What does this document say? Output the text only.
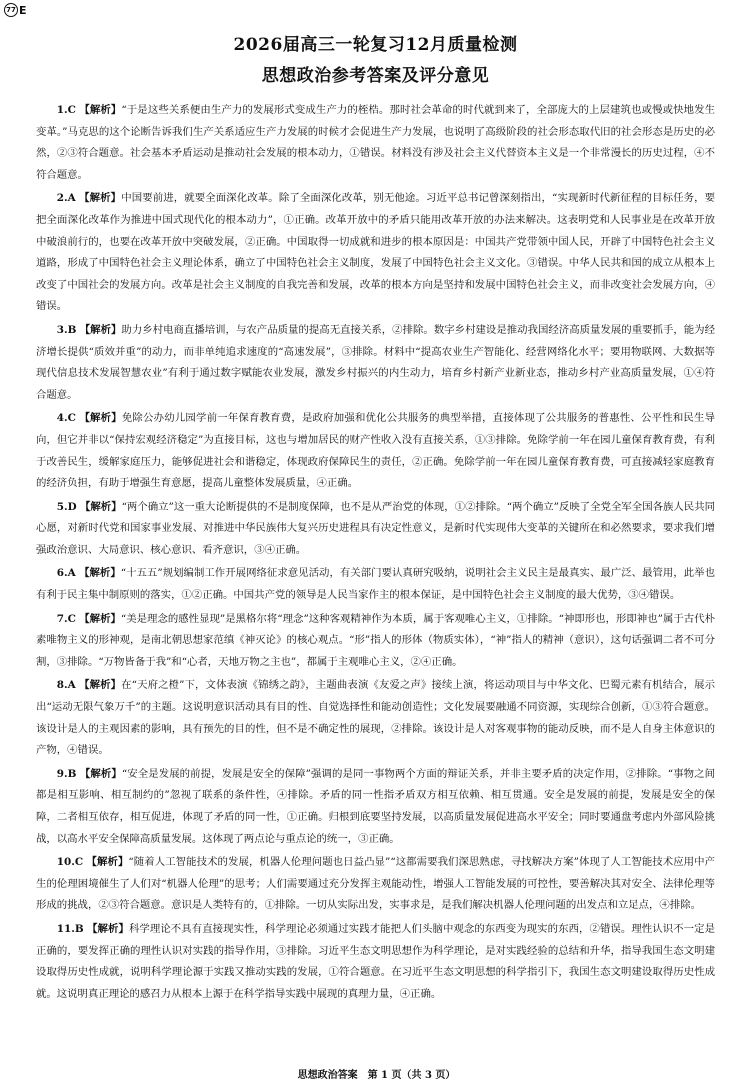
77 E
2026届高三一轮复习12月质量检测
思想政治参考答案及评分意见

1.C 【解析】“于是这些关系便由生产力的发展形式变成生产力的桎梏。那时社会革命的时代就到来了，全部庞大的上层建筑也或慢或快地发生变革。”马克思的这个论断告诉我们生产关系适应生产力发展的时候才会促进生产力发展，也说明了高级阶段的社会形态取代旧的社会形态是历史的必然，②③符合题意。社会基本矛盾运动是推动社会发展的根本动力，①错误。材料没有涉及社会主义代替资本主义是一个非常漫长的历史过程，④不符合题意。

2.A 【解析】中国要前进，就要全面深化改革。除了全面深化改革，别无他途。习近平总书记曾深刻指出，“实现新时代新征程的目标任务，要把全面深化改革作为推进中国式现代化的根本动力”，①正确。改革开放中的矛盾只能用改革开放的办法来解决。这表明党和人民事业是在改革开放中破浪前行的，也要在改革开放中突破发展，②正确。中国取得一切成就和进步的根本原因是：中国共产党带领中国人民，开辟了中国特色社会主义道路，形成了中国特色社会主义理论体系，确立了中国特色社会主义制度，发展了中国特色社会主义文化。③错误。中华人民共和国的成立从根本上改变了中国社会的发展方向。改革是社会主义制度的自我完善和发展，改革的根本方向是坚持和发展中国特色社会主义，而非改变社会发展方向，④错误。

3.B 【解析】助力乡村电商直播培训，与农产品质量的提高无直接关系，②排除。数字乡村建设是推动我国经济高质量发展的重要抓手，能为经济增长提供“质效并重”的动力，而非单纯追求速度的“高速发展”，③排除。材料中“提高农业生产智能化、经营网络化水平；要用物联网、大数据等现代信息技术发展智慧农业”有利于通过数字赋能农业发展，激发乡村振兴的内生动力，培育乡村新产业新业态，推动乡村产业高质量发展，①④符合题意。

4.C 【解析】免除公办幼儿园学前一年保育教育费，是政府加强和优化公共服务的典型举措，直接体现了公共服务的普惠性、公平性和民生导向，但它并非以“保持宏观经济稳定”为直接目标，这也与增加居民的财产性收入没有直接关系，①③排除。免除学前一年在园儿童保育教育费，有利于改善民生，缓解家庭压力，能够促进社会和谐稳定，体现政府保障民生的责任，②正确。免除学前一年在园儿童保育教育费，可直接减轻家庭教育的经济负担，有助于增强生育意愿，提高儿童整体发展质量，④正确。

5.D 【解析】“两个确立”这一重大论断提供的不是制度保障，也不是从严治党的体现，①②排除。“两个确立”反映了全党全军全国各族人民共同心愿，对新时代党和国家事业发展、对推进中华民族伟大复兴历史进程具有决定性意义，是新时代实现伟大变革的关键所在和必然要求，要求我们增强政治意识、大局意识、核心意识、看齐意识，③④正确。

6.A 【解析】“十五五”规划编制工作开展网络征求意见活动，有关部门要认真研究吸纳，说明社会主义民主是最真实、最广泛、最管用，此举也有利于民主集中制原则的落实，①②正确。中国共产党的领导是人民当家作主的根本保证，是中国特色社会主义制度的最大优势，③④错误。

7.C 【解析】“美是理念的感性显现”是黑格尔将“理念”这种客观精神作为本质，属于客观唯心主义，①排除。“神即形也，形即神也”属于古代朴素唯物主义的形神观，是南北朝思想家范缜《神灭论》的核心观点。“形”指人的形体（物质实体），“神”指人的精神（意识），这句话强调二者不可分割，③排除。“万物皆备于我”和“心者，天地万物之主也”，都属于主观唯心主义，②④正确。

8.A 【解析】在“天府之橙”下，文体表演《锦绣之韵》，主题曲表演《友爱之声》接续上演，将运动项目与中华文化、巴蜀元素有机结合，展示出“运动无限气象万千”的主题。这说明意识活动具有目的性、自觉选择性和能动创造性；文化发展要融通不同资源，实现综合创新，①③符合题意。该设计是人的主观因素的影响，具有预先的目的性，但不是不确定性的展现，②排除。该设计是人对客观事物的能动反映，而不是人自身主体意识的产物，④错误。

9.B 【解析】“安全是发展的前提，发展是安全的保障”强调的是同一事物两个方面的辩证关系，并非主要矛盾的决定作用，②排除。“事物之间都是相互影响、相互制约的”忽视了联系的条件性，④排除。矛盾的同一性指矛盾双方相互依赖、相互贯通。安全是发展的前提，发展是安全的保障，二者相互依存，相互促进，体现了矛盾的同一性，①正确。归根到底要坚持发展，以高质量发展促进高水平安全；同时要通盘考虑内外部风险挑战，以高水平安全保障高质量发展。这体现了两点论与重点论的统一，③正确。

10.C 【解析】“随着人工智能技术的发展，机器人伦理问题也日益凸显”“这都需要我们深思熟虑，寻找解决方案”体现了人工智能技术应用中产生的伦理困境催生了人们对“机器人伦理”的思考；人们需要通过充分发挥主观能动性，增强人工智能发展的可控性，要善解决其对安全、法律伦理等形成的挑战，②③符合题意。意识是人类特有的，①排除。一切从实际出发，实事求是，是我们解决机器人伦理问题的出发点和立足点，④排除。

11.B 【解析】科学理论不具有直接现实性，科学理论必须通过实践才能把人们头脑中观念的东西变为现实的东西，②错误。理性认识不一定是正确的，要发挥正确的理性认识对实践的指导作用，③排除。习近平生态文明思想作为科学理论，是对实践经验的总结和升华，指导我国生态文明建设取得历史性成就，说明科学理论源于实践又推动实践的发展，①符合题意。在习近平生态文明思想的科学指引下，我国生态文明建设取得历史性成就。这说明真正理论的感召力从根本上源于在科学指导实践中展现的真理力量，④正确。

思想政治答案　第 1 页（共 3 页）
